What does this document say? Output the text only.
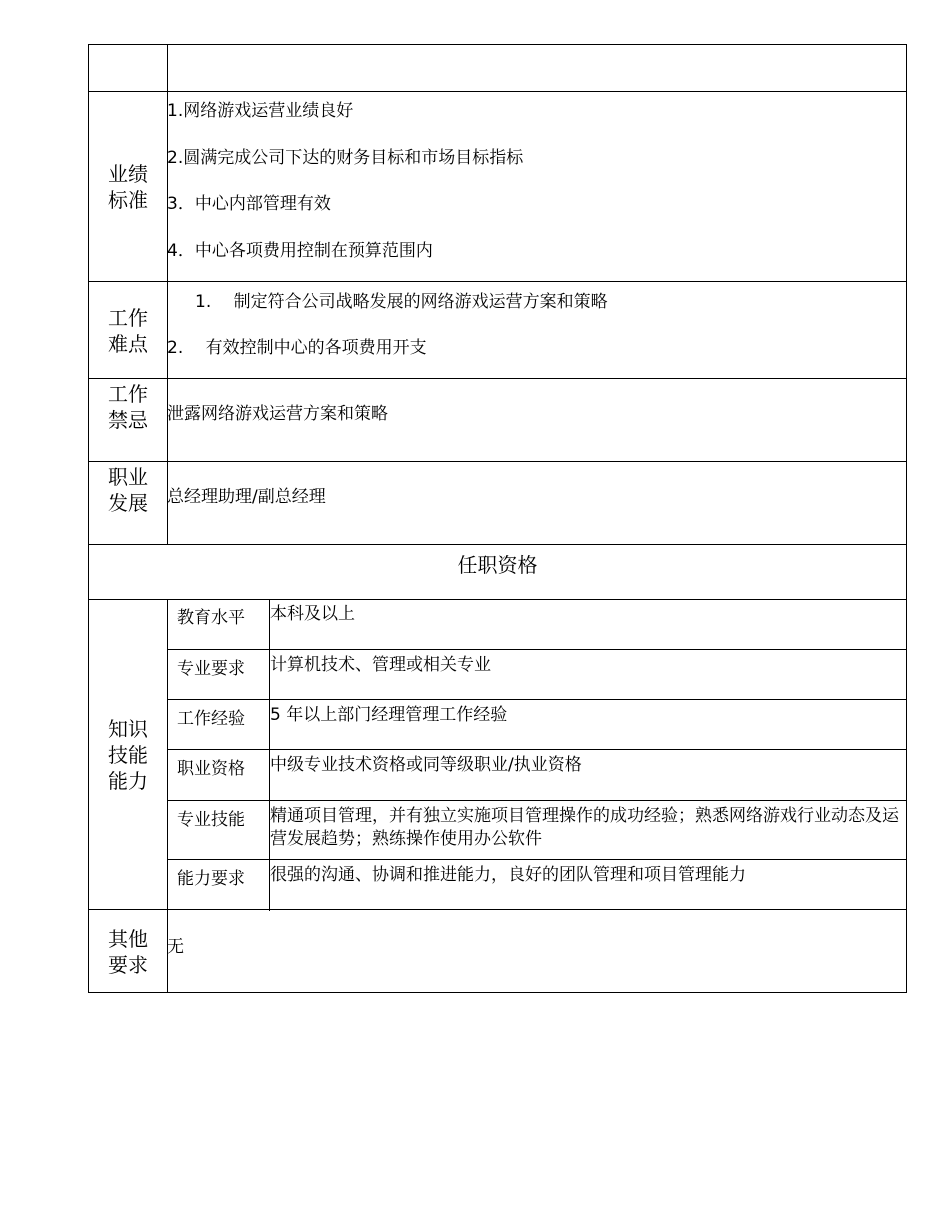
业绩标准
1.网络游戏运营业绩良好
2.圆满完成公司下达的财务目标和市场目标指标
3．中心内部管理有效
4．中心各项费用控制在预算范围内
工作难点
1.　 制定符合公司战略发展的网络游戏运营方案和策略
2.　 有效控制中心的各项费用开支
工作禁忌 泄露网络游戏运营方案和策略
职业发展 总经理助理/副总经理
任职资格
知识技能能力
教育水平	本科及以上
专业要求	计算机技术、管理或相关专业
工作经验	5 年以上部门经理管理工作经验
职业资格	中级专业技术资格或同等级职业/执业资格
专业技能	精通项目管理，并有独立实施项目管理操作的成功经验；熟悉网络游戏行业动态及运营发展趋势；熟练操作使用办公软件
能力要求	很强的沟通、协调和推进能力，良好的团队管理和项目管理能力
其他要求
无
